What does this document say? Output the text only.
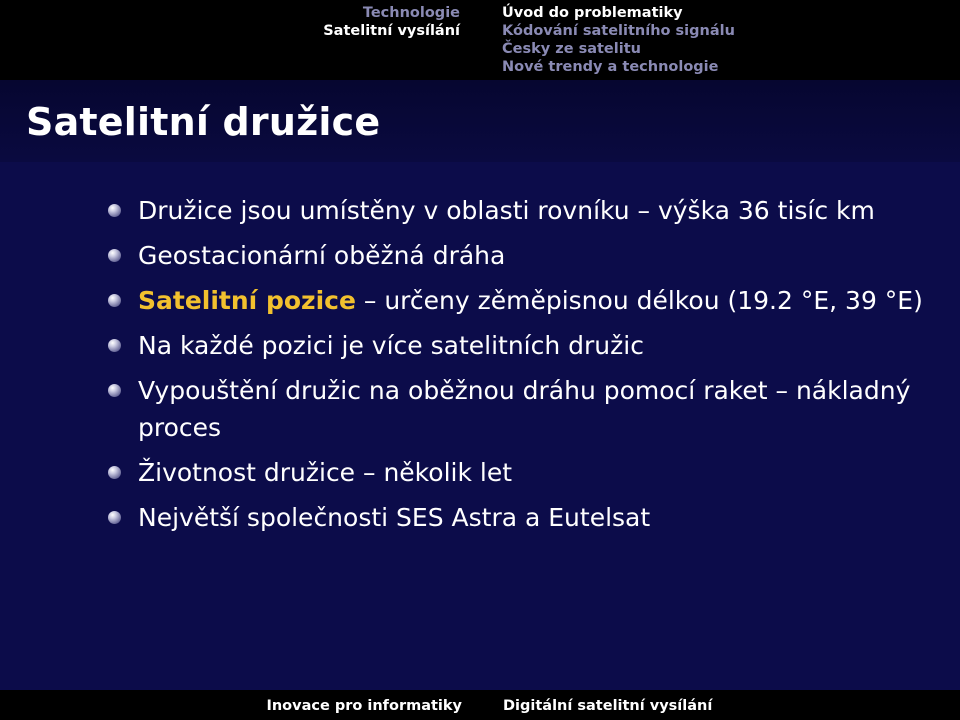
Technologie
Satelitní vysílání
Úvod do problematiky
Kódování satelitního signálu
Česky ze satelitu
Nové trendy a technologie
Satelitní družice
Družice jsou umístěny v oblasti rovníku – výška 36 tisíc km
Geostacionární oběžná dráha
Satelitní pozice – určeny zěměpisnou délkou (19.2 °E, 39 °E)
Na každé pozici je více satelitních družic
Vypouštění družic na oběžnou dráhu pomocí raket – nákladný proces
Životnost družice – několik let
Největší společnosti SES Astra a Eutelsat
Inovace pro informatiky	Digitální satelitní vysílání
